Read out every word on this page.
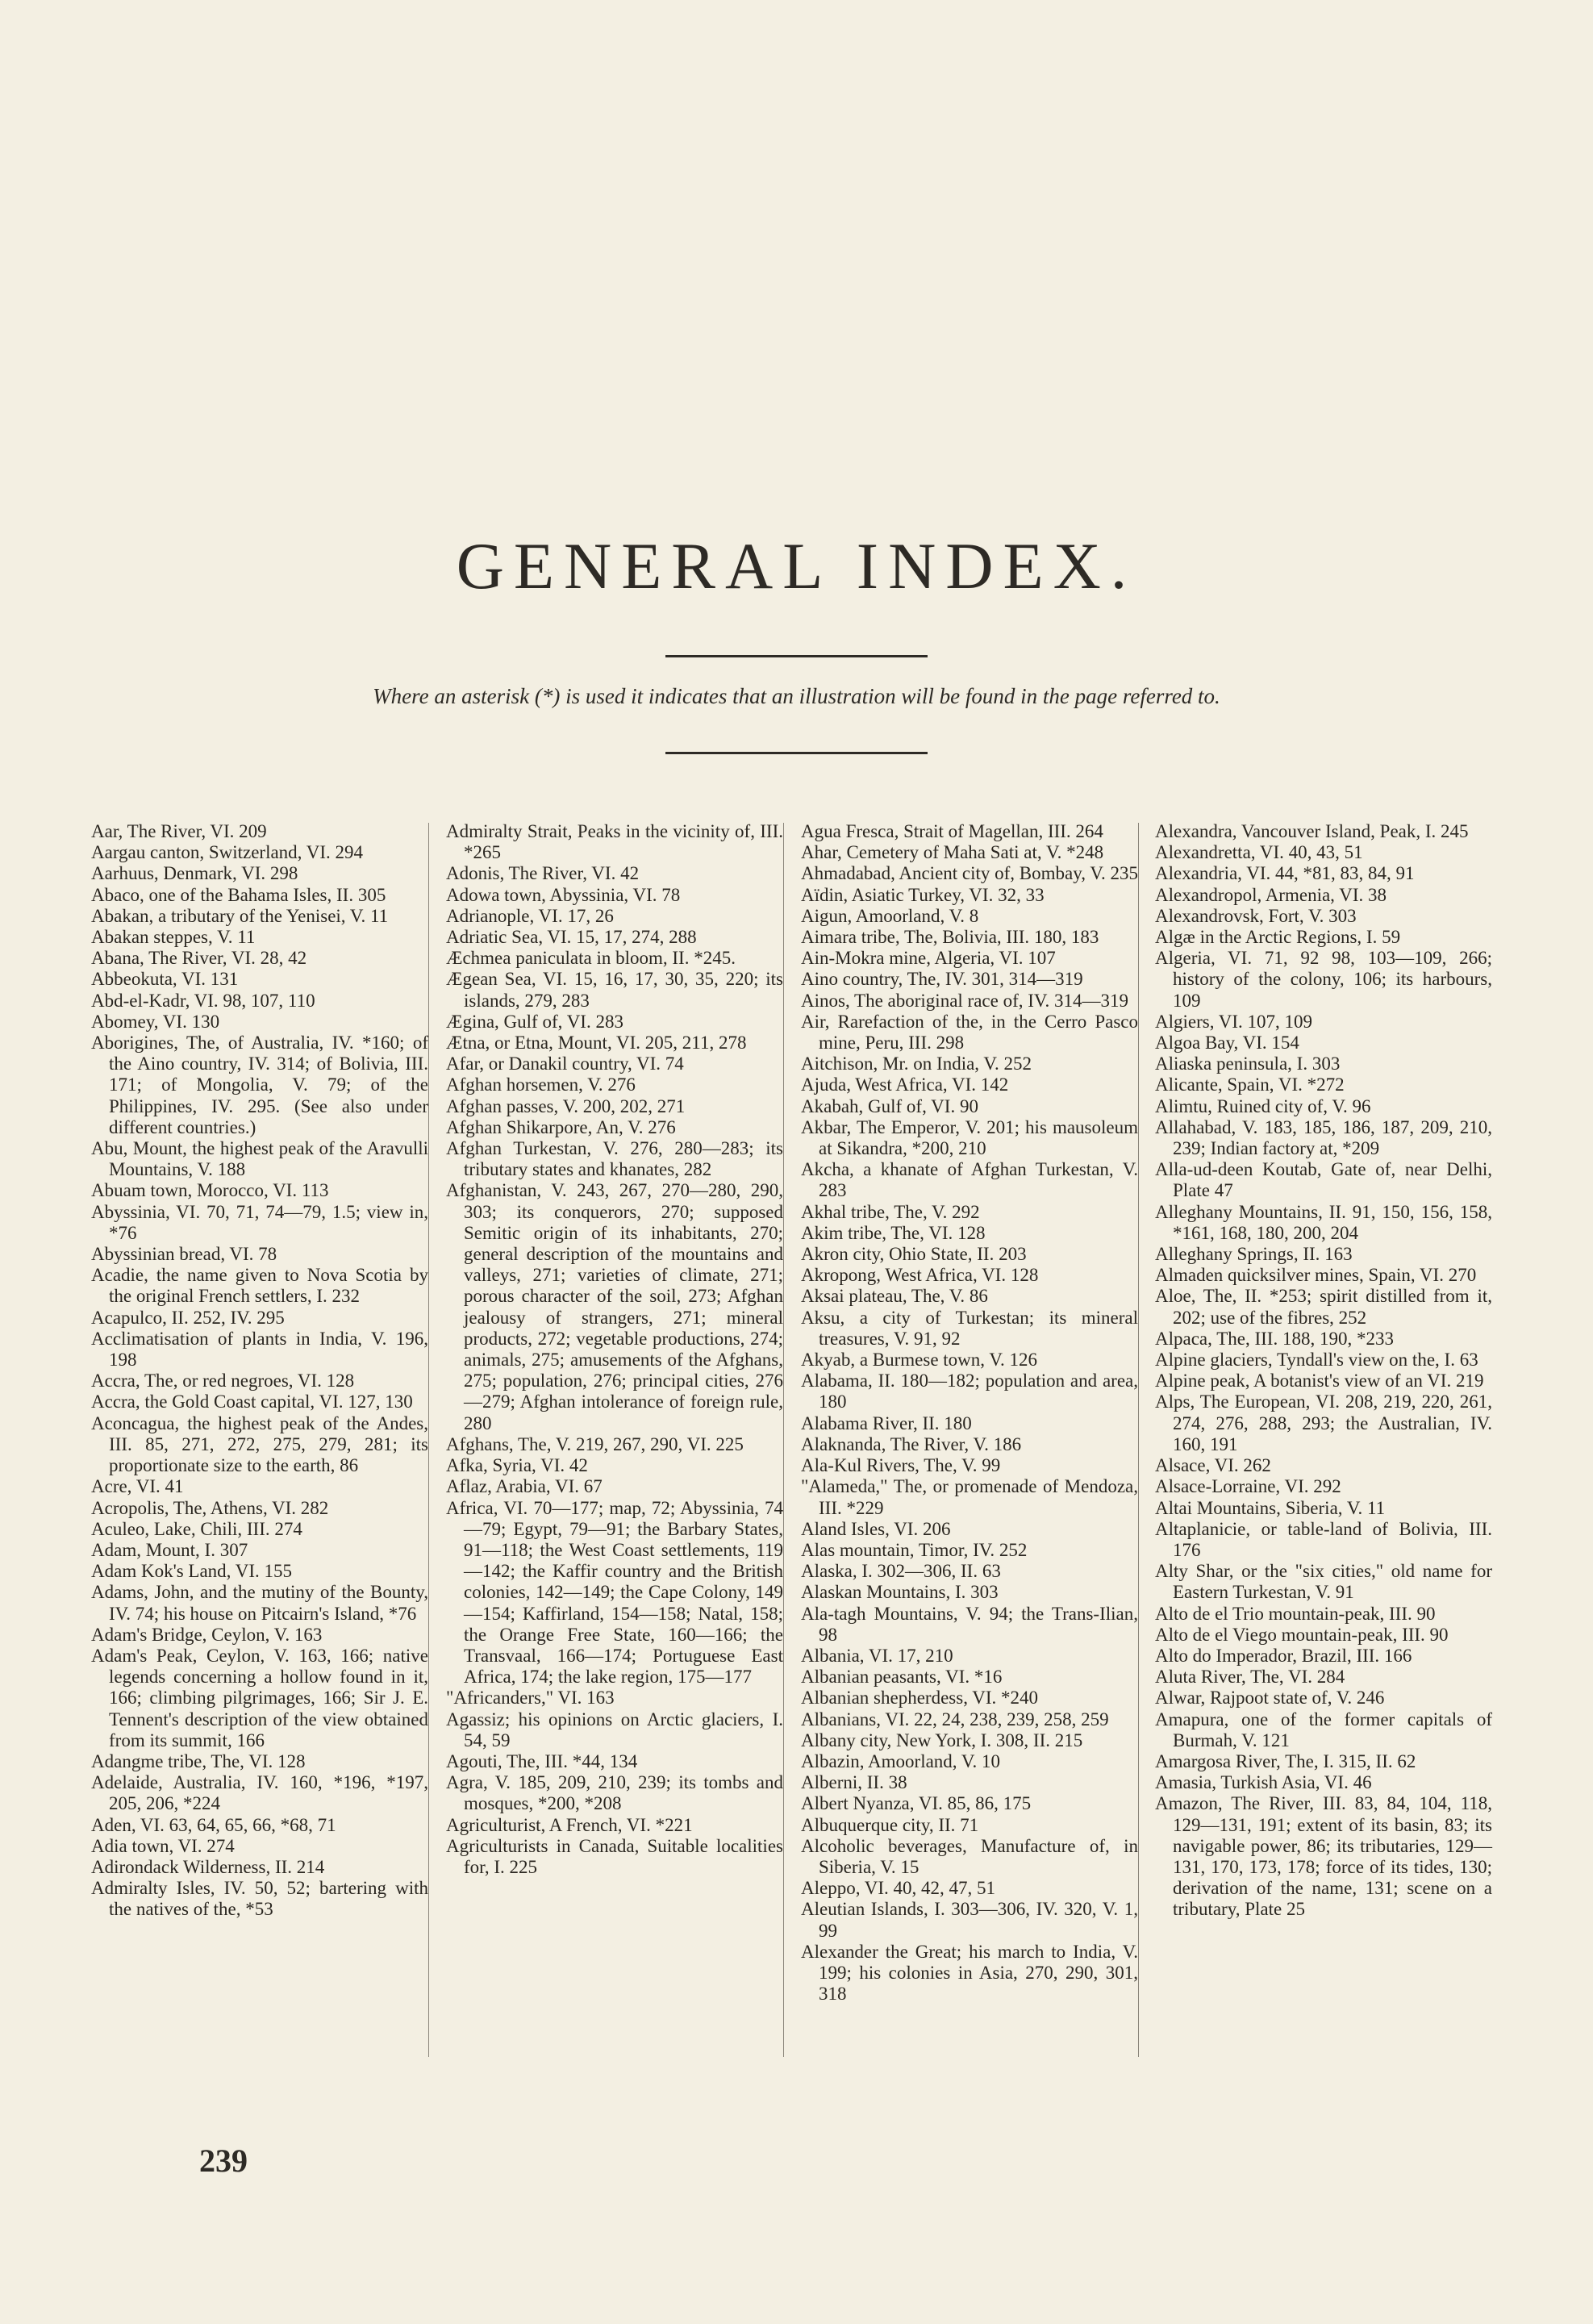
GENERAL INDEX.

Where an asterisk (*) is used it indicates that an illustration will be found in the page referred to.

Aar, The River, VI. 209
Aargau canton, Switzerland, VI. 294
Aarhuus, Denmark, VI. 298
Abaco, one of the Bahama Isles, II. 305
Abakan, a tributary of the Yenisei, V. 11
Abakan steppes, V. 11
Abana, The River, VI. 28, 42
Abbeokuta, VI. 131
Abd-el-Kadr, VI. 98, 107, 110
Abomey, VI. 130
Aborigines, The, of Australia, IV. *160; of the Aino country, IV. 314; of Bolivia, III. 171; of Mongolia, V. 79; of the Philippines, IV. 295. (See also under different countries.)
Abu, Mount, the highest peak of the Aravulli Mountains, V. 188
Abuam town, Morocco, VI. 113
Abyssinia, VI. 70, 71, 74—79, 1.5; view in, *76
Abyssinian bread, VI. 78
Acadie, the name given to Nova Scotia by the original French settlers, I. 232
Acapulco, II. 252, IV. 295
Acclimatisation of plants in India, V. 196, 198
Accra, The, or red negroes, VI. 128
Accra, the Gold Coast capital, VI. 127, 130
Aconcagua, the highest peak of the Andes, III. 85, 271, 272, 275, 279, 281; its proportionate size to the earth, 86
Acre, VI. 41
Acropolis, The, Athens, VI. 282
Aculeo, Lake, Chili, III. 274
Adam, Mount, I. 307
Adam Kok's Land, VI. 155
Adams, John, and the mutiny of the Bounty, IV. 74; his house on Pitcairn's Island, *76
Adam's Bridge, Ceylon, V. 163
Adam's Peak, Ceylon, V. 163, 166; native legends concerning a hollow found in it, 166; climbing pilgrimages, 166; Sir J. E. Tennent's description of the view obtained from its summit, 166
Adangme tribe, The, VI. 128
Adelaide, Australia, IV. 160, *196, *197, 205, 206, *224
Aden, VI. 63, 64, 65, 66, *68, 71
Adia town, VI. 274
Adirondack Wilderness, II. 214
Admiralty Isles, IV. 50, 52; bartering with the natives of the, *53
Admiralty Strait, Peaks in the vicinity of, III. *265
Adonis, The River, VI. 42
Adowa town, Abyssinia, VI. 78
Adrianople, VI. 17, 26
Adriatic Sea, VI. 15, 17, 274, 288
Æchmea paniculata in bloom, II. *245.
Ægean Sea, VI. 15, 16, 17, 30, 35, 220; its islands, 279, 283
Ægina, Gulf of, VI. 283
Ætna, or Etna, Mount, VI. 205, 211, 278
Afar, or Danakil country, VI. 74
Afghan horsemen, V. 276
Afghan passes, V. 200, 202, 271
Afghan Shikarpore, An, V. 276
Afghan Turkestan, V. 276, 280—283; its tributary states and khanates, 282
Afghanistan, V. 243, 267, 270—280, 290, 303; its conquerors, 270; supposed Semitic origin of its inhabitants, 270; general description of the mountains and valleys, 271; varieties of climate, 271; porous character of the soil, 273; Afghan jealousy of strangers, 271; mineral products, 272; vegetable productions, 274; animals, 275; amusements of the Afghans, 275; population, 276; principal cities, 276—279; Afghan intolerance of foreign rule, 280
Afghans, The, V. 219, 267, 290, VI. 225
Afka, Syria, VI. 42
Aflaz, Arabia, VI. 67
Africa, VI. 70—177; map, 72; Abyssinia, 74—79; Egypt, 79—91; the Barbary States, 91—118; the West Coast settlements, 119—142; the Kaffir country and the British colonies, 142—149; the Cape Colony, 149—154; Kaffirland, 154—158; Natal, 158; the Orange Free State, 160—166; the Transvaal, 166—174; Portuguese East Africa, 174; the lake region, 175—177
"Africanders," VI. 163
Agassiz; his opinions on Arctic glaciers, I. 54, 59
Agouti, The, III. *44, 134
Agra, V. 185, 209, 210, 239; its tombs and mosques, *200, *208
Agriculturist, A French, VI. *221
Agriculturists in Canada, Suitable localities for, I. 225
Agua Fresca, Strait of Magellan, III. 264
Ahar, Cemetery of Maha Sati at, V. *248
Ahmadabad, Ancient city of, Bombay, V. 235
Aïdin, Asiatic Turkey, VI. 32, 33
Aigun, Amoorland, V. 8
Aimara tribe, The, Bolivia, III. 180, 183
Ain-Mokra mine, Algeria, VI. 107
Aino country, The, IV. 301, 314—319
Ainos, The aboriginal race of, IV. 314—319
Air, Rarefaction of the, in the Cerro Pasco mine, Peru, III. 298
Aitchison, Mr. on India, V. 252
Ajuda, West Africa, VI. 142
Akabah, Gulf of, VI. 90
Akbar, The Emperor, V. 201; his mausoleum at Sikandra, *200, 210
Akcha, a khanate of Afghan Turkestan, V. 283
Akhal tribe, The, V. 292
Akim tribe, The, VI. 128
Akron city, Ohio State, II. 203
Akropong, West Africa, VI. 128
Aksai plateau, The, V. 86
Aksu, a city of Turkestan; its mineral treasures, V. 91, 92
Akyab, a Burmese town, V. 126
Alabama, II. 180—182; population and area, 180
Alabama River, II. 180
Alaknanda, The River, V. 186
Ala-Kul Rivers, The, V. 99
"Alameda," The, or promenade of Mendoza, III. *229
Aland Isles, VI. 206
Alas mountain, Timor, IV. 252
Alaska, I. 302—306, II. 63
Alaskan Mountains, I. 303
Ala-tagh Mountains, V. 94; the Trans-Ilian, 98
Albania, VI. 17, 210
Albanian peasants, VI. *16
Albanian shepherdess, VI. *240
Albanians, VI. 22, 24, 238, 239, 258, 259
Albany city, New York, I. 308, II. 215
Albazin, Amoorland, V. 10
Alberni, II. 38
Albert Nyanza, VI. 85, 86, 175
Albuquerque city, II. 71
Alcoholic beverages, Manufacture of, in Siberia, V. 15
Aleppo, VI. 40, 42, 47, 51
Aleutian Islands, I. 303—306, IV. 320, V. 1, 99
Alexander the Great; his march to India, V. 199; his colonies in Asia, 270, 290, 301, 318
Alexandra, Vancouver Island, Peak, I. 245
Alexandretta, VI. 40, 43, 51
Alexandria, VI. 44, *81, 83, 84, 91
Alexandropol, Armenia, VI. 38
Alexandrovsk, Fort, V. 303
Algæ in the Arctic Regions, I. 59
Algeria, VI. 71, 92 98, 103—109, 266; history of the colony, 106; its harbours, 109
Algiers, VI. 107, 109
Algoa Bay, VI. 154
Aliaska peninsula, I. 303
Alicante, Spain, VI. *272
Alimtu, Ruined city of, V. 96
Allahabad, V. 183, 185, 186, 187, 209, 210, 239; Indian factory at, *209
Alla-ud-deen Koutab, Gate of, near Delhi, Plate 47
Alleghany Mountains, II. 91, 150, 156, 158, *161, 168, 180, 200, 204
Alleghany Springs, II. 163
Almaden quicksilver mines, Spain, VI. 270
Aloe, The, II. *253; spirit distilled from it, 202; use of the fibres, 252
Alpaca, The, III. 188, 190, *233
Alpine glaciers, Tyndall's view on the, I. 63
Alpine peak, A botanist's view of an VI. 219
Alps, The European, VI. 208, 219, 220, 261, 274, 276, 288, 293; the Australian, IV. 160, 191
Alsace, VI. 262
Alsace-Lorraine, VI. 292
Altai Mountains, Siberia, V. 11
Altaplanicie, or table-land of Bolivia, III. 176
Alty Shar, or the "six cities," old name for Eastern Turkestan, V. 91
Alto de el Trio mountain-peak, III. 90
Alto de el Viego mountain-peak, III. 90
Alto do Imperador, Brazil, III. 166
Aluta River, The, VI. 284
Alwar, Rajpoot state of, V. 246
Amapura, one of the former capitals of Burmah, V. 121
Amargosa River, The, I. 315, II. 62
Amasia, Turkish Asia, VI. 46
Amazon, The River, III. 83, 84, 104, 118, 129—131, 191; extent of its basin, 83; its navigable power, 86; its tributaries, 129—131, 170, 173, 178; force of its tides, 130; derivation of the name, 131; scene on a tributary, Plate 25

239
